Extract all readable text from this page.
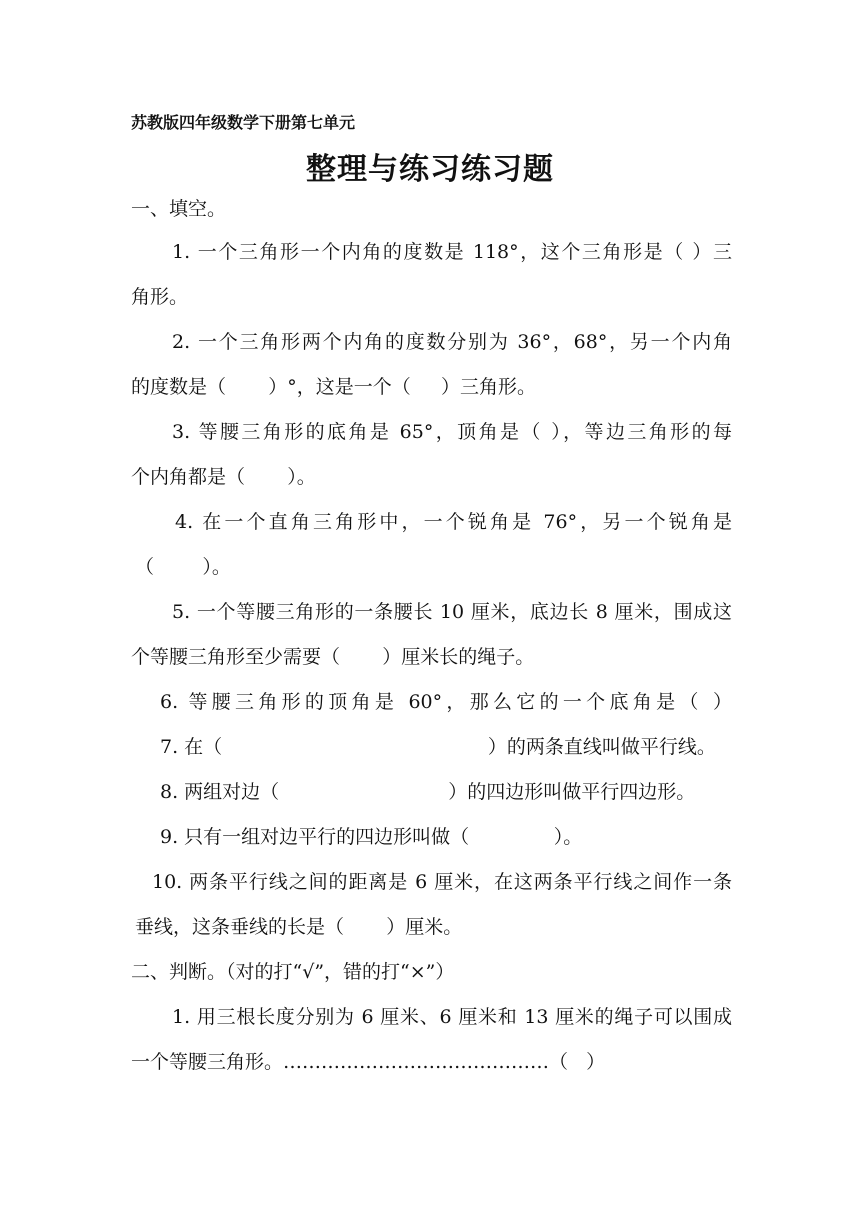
苏教版四年级数学下册第七单元
整理与练习练习题
一、填空。
1. 一个三角形一个内角的度数是 118°，这个三角形是（ ）三
角形。
2. 一个三角形两个内角的度数分别为 36°，68°，另一个内角
的度数是（       ）°，这是一个（     ）三角形。
3. 等腰三角形的底角是 65°，顶角是（ ），等边三角形的每
个内角都是（       ）。
4. 在一个直角三角形中，一个锐角是 76°，另一个锐角是
（        ）。
5. 一个等腰三角形的一条腰长 10 厘米，底边长 8 厘米，围成这
个等腰三角形至少需要（       ）厘米长的绳子。
6. 等腰三角形的顶角是 60°，那么它的一个底角是（ ）
7. 在（                                            ）的两条直线叫做平行线。
8. 两组对边（                            ）的四边形叫做平行四边形。
9. 只有一组对边平行的四边形叫做（              ）。
10. 两条平行线之间的距离是 6 厘米，在这两条平行线之间作一条
垂线，这条垂线的长是（       ）厘米。
二、判断。（对的打“√”，错的打“×”）
1. 用三根长度分别为 6 厘米、6 厘米和 13 厘米的绳子可以围成
一个等腰三角形。……………………………………（   ）
